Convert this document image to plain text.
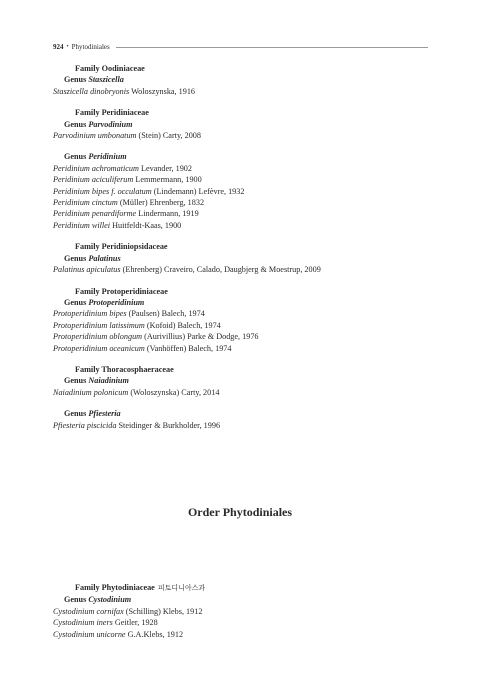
924 • Phytodiniales
Family Oodiniaceae
Genus Staszicella
Staszicella dinobryonis Woloszynska, 1916
Family Peridiniaceae
Genus Parvodinium
Parvodinium umbonatum (Stein) Carty, 2008
Genus Peridinium
Peridinium achromaticum Levander, 1902
Peridinium aciculiferum Lemmermann, 1900
Peridinium bipes f. occulatum (Lindemann) Lefèvre, 1932
Peridinium cinctum (Müller) Ehrenberg, 1832
Peridinium penardiforme Lindermann, 1919
Peridinium willei Huitfeldt-Kaas, 1900
Family Peridiniopsidaceae
Genus Palatinus
Palatinus apiculatus (Ehrenberg) Craveiro, Calado, Daugbjerg & Moestrup, 2009
Family Protoperidiniaceae
Genus Protoperidinium
Protoperidinium bipes (Paulsen) Balech, 1974
Protoperidinium latissimum (Kofoid) Balech, 1974
Protoperidinium oblongum (Aurivillius) Parke & Dodge, 1976
Protoperidinium oceanicum (Vanhöffen) Balech, 1974
Family Thoracosphaeraceae
Genus Naiadinium
Naiadinium polonicum (Woloszynska) Carty, 2014
Genus Pfiesteria
Pfiesteria piscicida Steidinger & Burkholder, 1996
Order Phytodiniales
Family Phytodiniaceae 피토디니아스과
Genus Cystodinium
Cystodinium cornifax (Schilling) Klebs, 1912
Cystodinium iners Geitler, 1928
Cystodinium unicorne G.A.Klebs, 1912
